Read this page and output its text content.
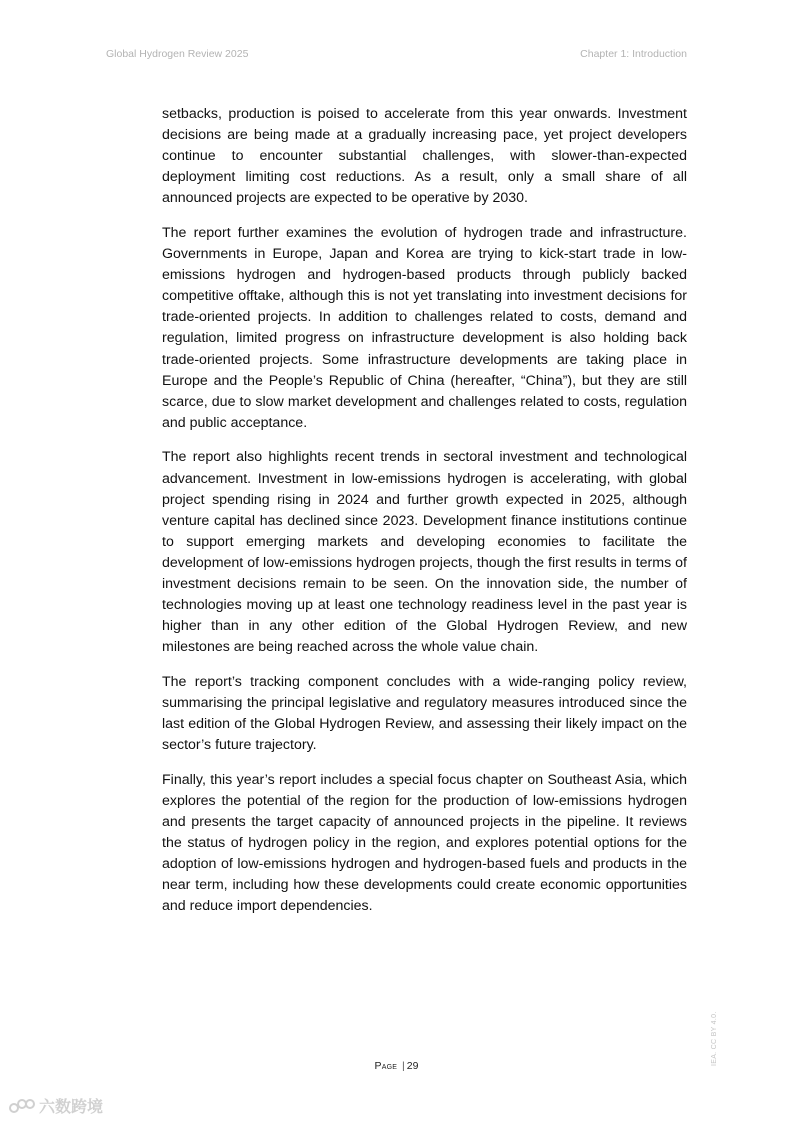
Global Hydrogen Review 2025	Chapter 1: Introduction

setbacks, production is poised to accelerate from this year onwards. Investment decisions are being made at a gradually increasing pace, yet project developers continue to encounter substantial challenges, with slower-than-expected deployment limiting cost reductions. As a result, only a small share of all announced projects are expected to be operative by 2030.

The report further examines the evolution of hydrogen trade and infrastructure. Governments in Europe, Japan and Korea are trying to kick-start trade in low-emissions hydrogen and hydrogen-based products through publicly backed competitive offtake, although this is not yet translating into investment decisions for trade-oriented projects. In addition to challenges related to costs, demand and regulation, limited progress on infrastructure development is also holding back trade-oriented projects. Some infrastructure developments are taking place in Europe and the People’s Republic of China (hereafter, “China”), but they are still scarce, due to slow market development and challenges related to costs, regulation and public acceptance.

The report also highlights recent trends in sectoral investment and technological advancement. Investment in low-emissions hydrogen is accelerating, with global project spending rising in 2024 and further growth expected in 2025, although venture capital has declined since 2023. Development finance institutions continue to support emerging markets and developing economies to facilitate the development of low-emissions hydrogen projects, though the first results in terms of investment decisions remain to be seen. On the innovation side, the number of technologies moving up at least one technology readiness level in the past year is higher than in any other edition of the Global Hydrogen Review, and new milestones are being reached across the whole value chain.

The report’s tracking component concludes with a wide-ranging policy review, summarising the principal legislative and regulatory measures introduced since the last edition of the Global Hydrogen Review, and assessing their likely impact on the sector’s future trajectory.

Finally, this year’s report includes a special focus chapter on Southeast Asia, which explores the potential of the region for the production of low-emissions hydrogen and presents the target capacity of announced projects in the pipeline. It reviews the status of hydrogen policy in the region, and explores potential options for the adoption of low-emissions hydrogen and hydrogen-based fuels and products in the near term, including how these developments could create economic opportunities and reduce import dependencies.

Page | 29	IEA. CC BY 4.0.
六数跨境
